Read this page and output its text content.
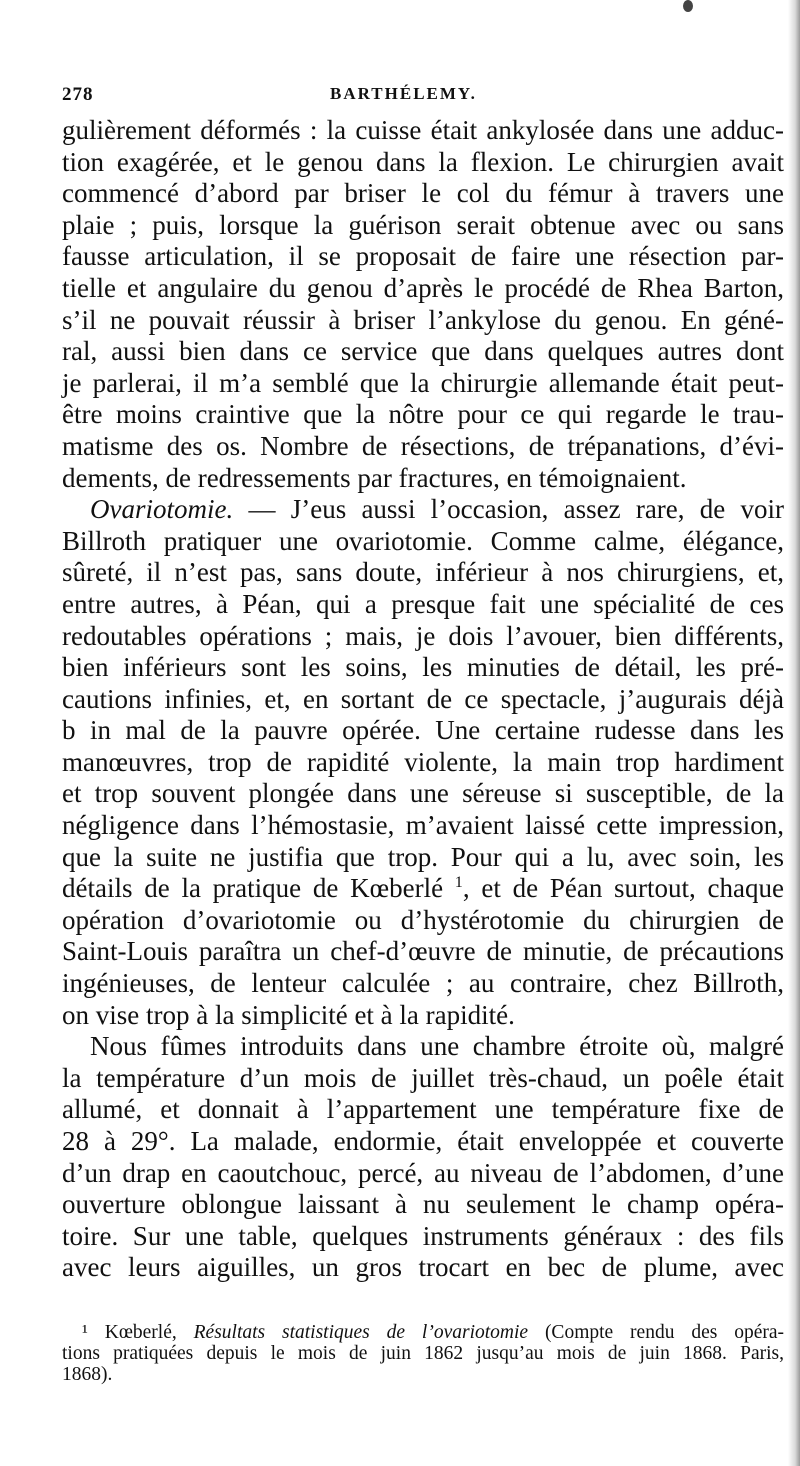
278	BARTHÉLEMY.
gulièrement déformés : la cuisse était ankylosée dans une adduc-
tion exagérée, et le genou dans la flexion. Le chirurgien avait
commencé d’abord par briser le col du fémur à travers une
plaie ; puis, lorsque la guérison serait obtenue avec ou sans
fausse articulation, il se proposait de faire une résection par-
tielle et angulaire du genou d’après le procédé de Rhea Barton,
s’il ne pouvait réussir à briser l’ankylose du genou. En géné-
ral, aussi bien dans ce service que dans quelques autres dont
je parlerai, il m’a semblé que la chirurgie allemande était peut-
être moins craintive que la nôtre pour ce qui regarde le trau-
matisme des os. Nombre de résections, de trépanations, d’évi-
dements, de redressements par fractures, en témoignaient.
Ovariotomie. — J’eus aussi l’occasion, assez rare, de voir
Billroth pratiquer une ovariotomie. Comme calme, élégance,
sûreté, il n’est pas, sans doute, inférieur à nos chirurgiens, et,
entre autres, à Péan, qui a presque fait une spécialité de ces
redoutables opérations ; mais, je dois l’avouer, bien différents,
bien inférieurs sont les soins, les minuties de détail, les pré-
cautions infinies, et, en sortant de ce spectacle, j’augurais déjà
b in mal de la pauvre opérée. Une certaine rudesse dans les
manœuvres, trop de rapidité violente, la main trop hardiment
et trop souvent plongée dans une séreuse si susceptible, de la
négligence dans l’hémostasie, m’avaient laissé cette impression,
que la suite ne justifia que trop. Pour qui a lu, avec soin, les
détails de la pratique de Kœberlé $^1$, et de Péan surtout, chaque
opération d’ovariotomie ou d’hystérotomie du chirurgien de
Saint-Louis paraîtra un chef-d’œuvre de minutie, de précautions
ingénieuses, de lenteur calculée ; au contraire, chez Billroth,
on vise trop à la simplicité et à la rapidité.
Nous fûmes introduits dans une chambre étroite où, malgré
la température d’un mois de juillet très-chaud, un poêle était
allumé, et donnait à l’appartement une température fixe de
28 à 29°. La malade, endormie, était enveloppée et couverte
d’un drap en caoutchouc, percé, au niveau de l’abdomen, d’une
ouverture oblongue laissant à nu seulement le champ opéra-
toire. Sur une table, quelques instruments généraux : des fils
avec leurs aiguilles, un gros trocart en bec de plume, avec
¹ Kœberlé, Résultats statistiques de l’ovariotomie (Compte rendu des opéra-
tions pratiquées depuis le mois de juin 1862 jusqu’au mois de juin 1868. Paris,
1868).
